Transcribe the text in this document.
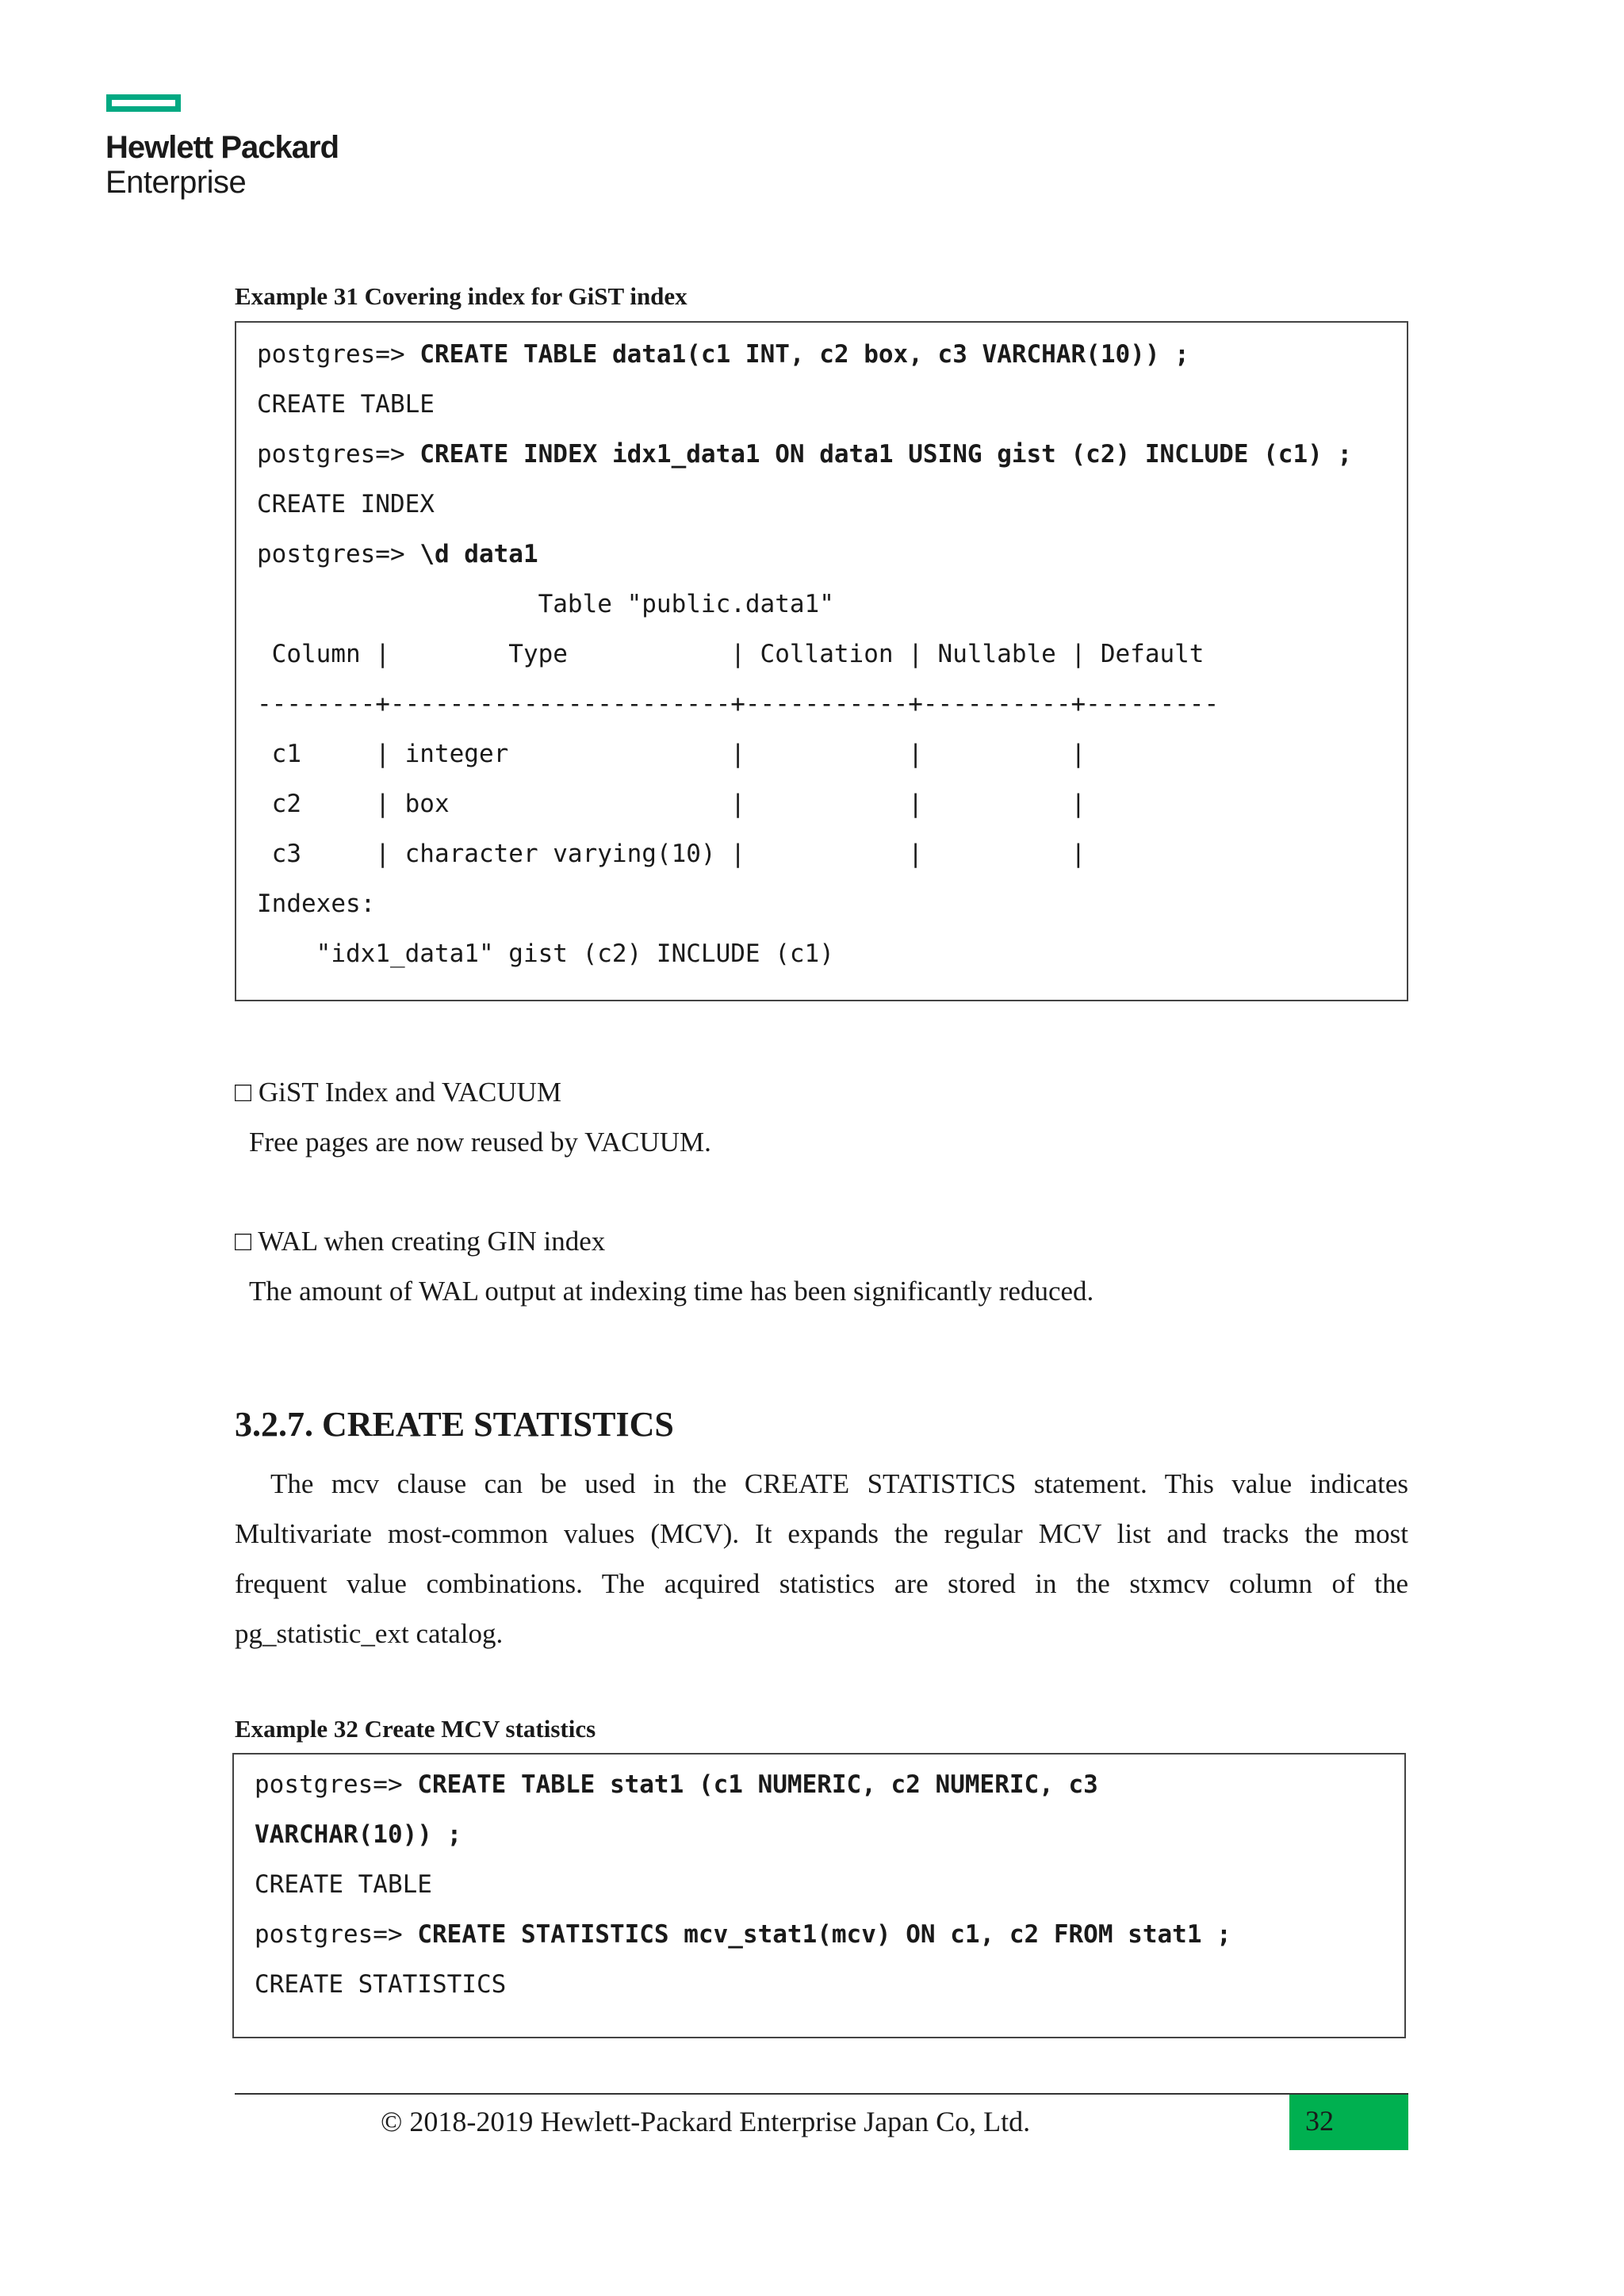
Hewlett Packard
Enterprise
Example 31 Covering index for GiST index
postgres=> CREATE TABLE data1(c1 INT, c2 box, c3 VARCHAR(10)) ;
CREATE TABLE
postgres=> CREATE INDEX idx1_data1 ON data1 USING gist (c2) INCLUDE (c1) ;
CREATE INDEX
postgres=> \d data1
Table "public.data1"
Column |        Type           | Collation | Nullable | Default
--------+-----------------------+-----------+----------+---------
c1     | integer               |           |          |
c2     | box                   |           |          |
c3     | character varying(10) |           |          |
Indexes:
"idx1_data1" gist (c2) INCLUDE (c1)
□ GiST Index and VACUUM
Free pages are now reused by VACUUM.
□ WAL when creating GIN index
The amount of WAL output at indexing time has been significantly reduced.
3.2.7. CREATE STATISTICS
The mcv clause can be used in the CREATE STATISTICS statement. This value indicates
Multivariate most-common values (MCV). It expands the regular MCV list and tracks the most
frequent value combinations. The acquired statistics are stored in the stxmcv column of the
pg_statistic_ext catalog.
Example 32 Create MCV statistics
postgres=> CREATE TABLE stat1 (c1 NUMERIC, c2 NUMERIC, c3
VARCHAR(10)) ;
CREATE TABLE
postgres=> CREATE STATISTICS mcv_stat1(mcv) ON c1, c2 FROM stat1 ;
CREATE STATISTICS
© 2018-2019 Hewlett-Packard Enterprise Japan Co, Ltd.	32
